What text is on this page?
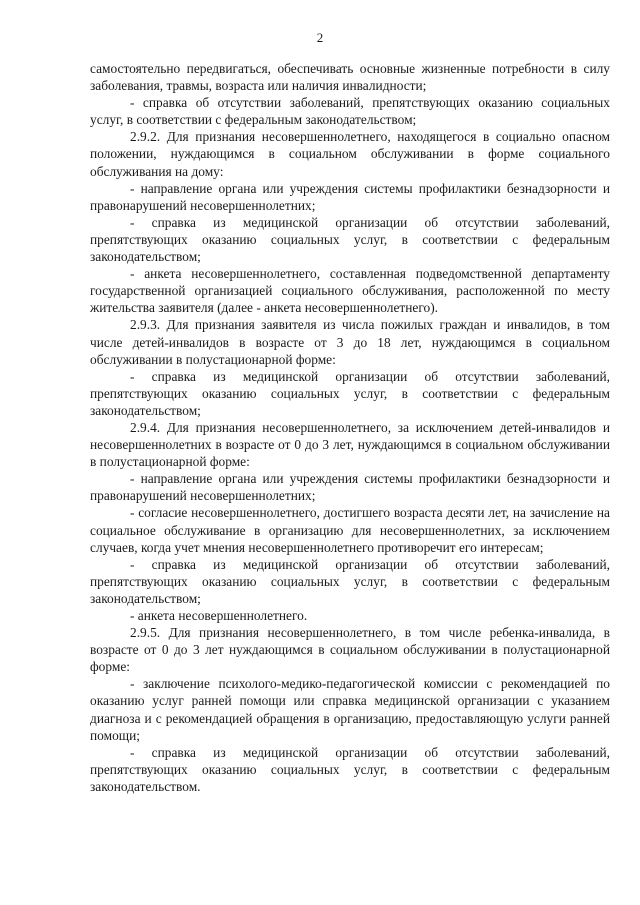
2

самостоятельно передвигаться, обеспечивать основные жизненные потребности в силу заболевания, травмы, возраста или наличия инвалидности;

- справка об отсутствии заболеваний, препятствующих оказанию социальных услуг, в соответствии с федеральным законодательством;

2.9.2. Для признания несовершеннолетнего, находящегося в социально опасном положении, нуждающимся в социальном обслуживании в форме социального обслуживания на дому:

- направление органа или учреждения системы профилактики безнадзорности и правонарушений несовершеннолетних;

- справка из медицинской организации об отсутствии заболеваний, препятствующих оказанию социальных услуг, в соответствии с федеральным законодательством;

- анкета несовершеннолетнего, составленная подведомственной департаменту государственной организацией социального обслуживания, расположенной по месту жительства заявителя (далее - анкета несовершеннолетнего).

2.9.3. Для признания заявителя из числа пожилых граждан и инвалидов, в том числе детей-инвалидов в возрасте от 3 до 18 лет, нуждающимся в социальном обслуживании в полустационарной форме:

- справка из медицинской организации об отсутствии заболеваний, препятствующих оказанию социальных услуг, в соответствии с федеральным законодательством;

2.9.4. Для признания несовершеннолетнего, за исключением детей-инвалидов и несовершеннолетних в возрасте от 0 до 3 лет, нуждающимся в социальном обслуживании в полустационарной форме:

- направление органа или учреждения системы профилактики безнадзорности и правонарушений несовершеннолетних;

- согласие несовершеннолетнего, достигшего возраста десяти лет, на зачисление на социальное обслуживание в организацию для несовершеннолетних, за исключением случаев, когда учет мнения несовершеннолетнего противоречит его интересам;

- справка из медицинской организации об отсутствии заболеваний, препятствующих оказанию социальных услуг, в соответствии с федеральным законодательством;

- анкета несовершеннолетнего.

2.9.5. Для признания несовершеннолетнего, в том числе ребенка-инвалида, в возрасте от 0 до 3 лет нуждающимся в социальном обслуживании в полустационарной форме:

- заключение психолого-медико-педагогической комиссии с рекомендацией по оказанию услуг ранней помощи или справка медицинской организации с указанием диагноза и с рекомендацией обращения в организацию, предоставляющую услуги ранней помощи;

- справка из медицинской организации об отсутствии заболеваний, препятствующих оказанию социальных услуг, в соответствии с федеральным законодательством.
